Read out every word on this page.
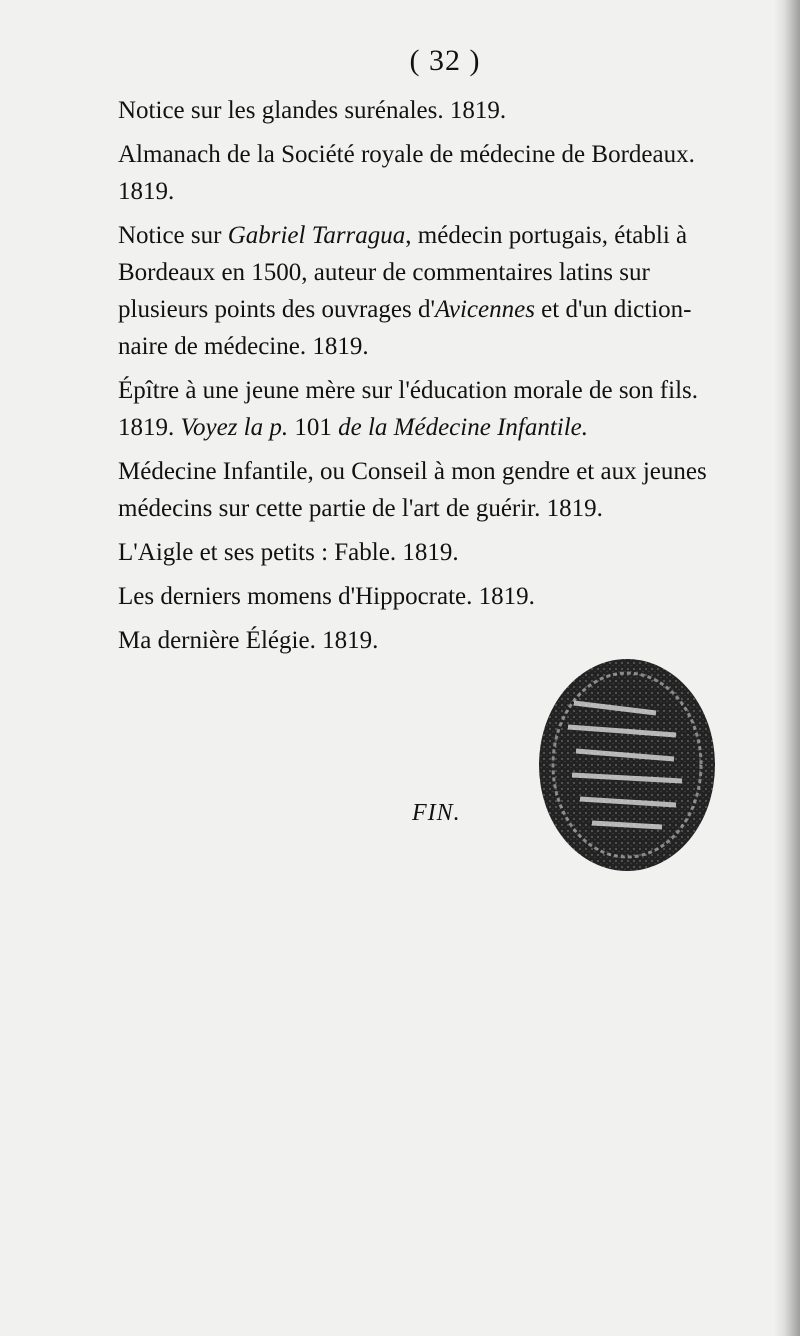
( 32 )
Notice sur les glandes surénales. 1819.
Almanach de la Société royale de médecine de Bordeaux.
1819.
Notice sur Gabriel Tarragua, médecin portugais, établi à
Bordeaux en 1500, auteur de commentaires latins sur
plusieurs points des ouvrages d'Avicennes et d'un diction-
naire de médecine. 1819.
Épître à une jeune mère sur l'éducation morale de son fils.
1819. Voyez la p. 101 de la Médecine Infantile.
Médecine Infantile, ou Conseil à mon gendre et aux jeunes
médecins sur cette partie de l'art de guérir. 1819.
L'Aigle et ses petits : Fable. 1819.
Les derniers momens d'Hippocrate. 1819.
Ma dernière Élégie. 1819.
FIN.
